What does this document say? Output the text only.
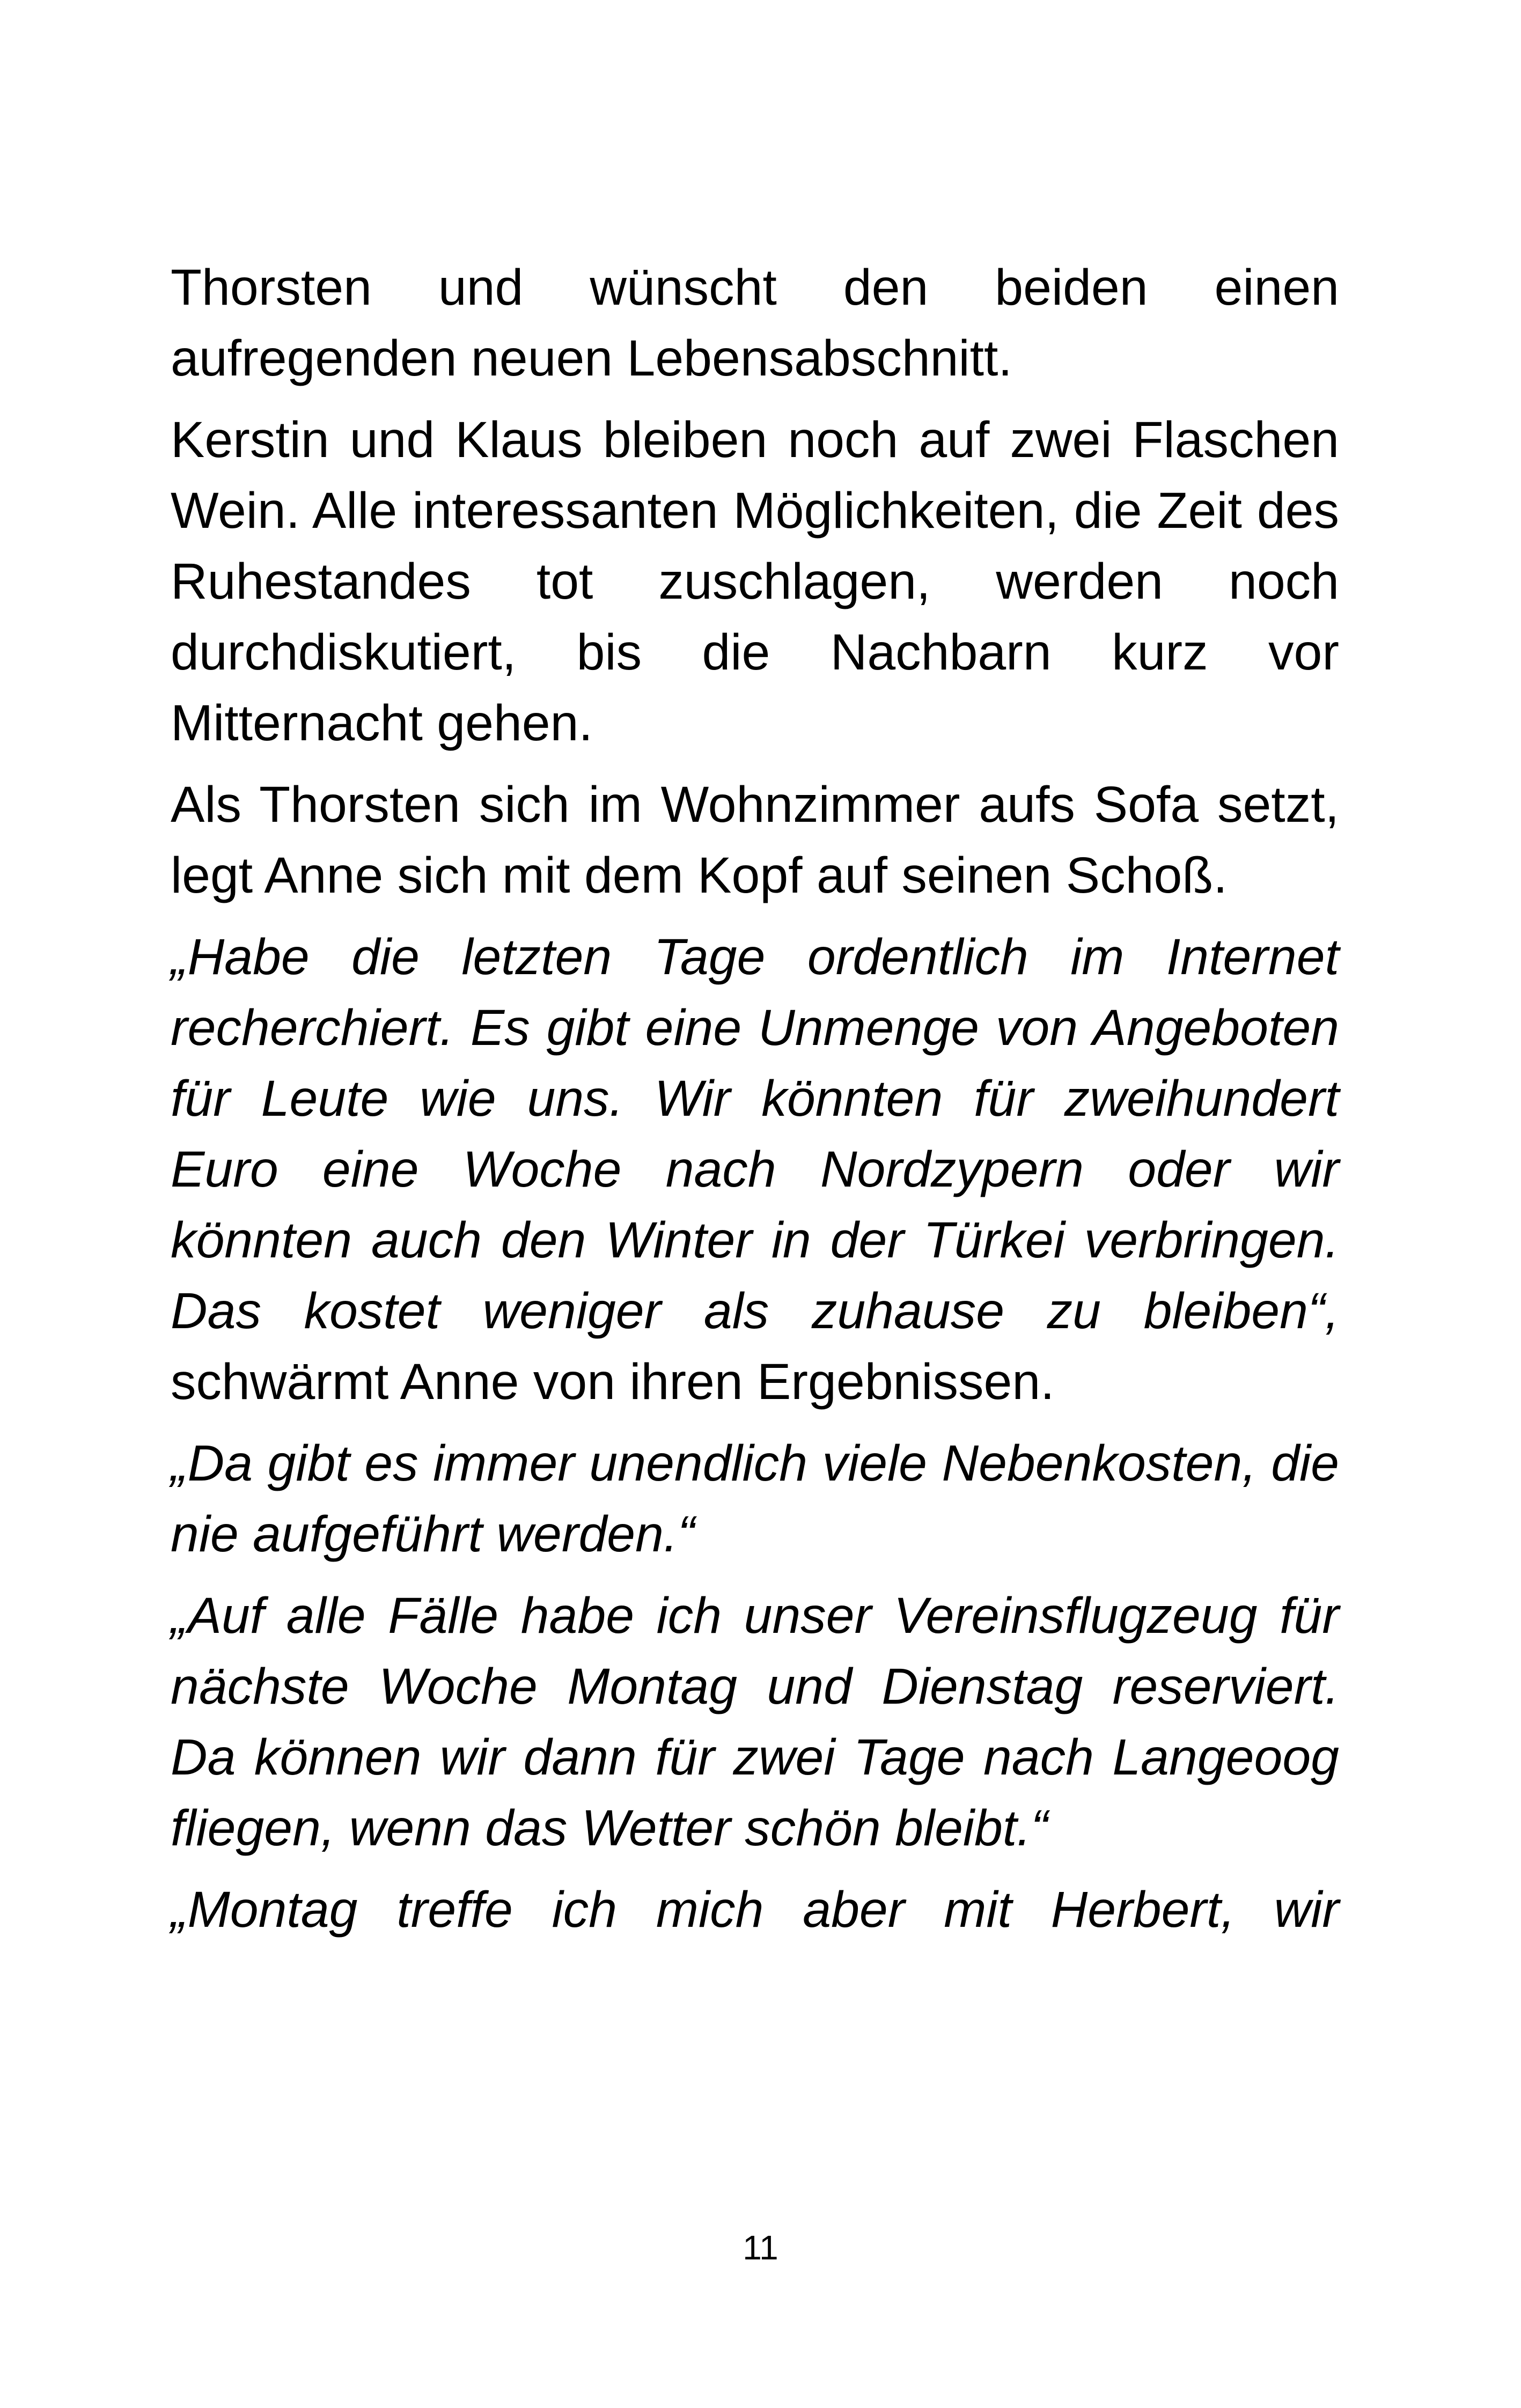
Thorsten und wünscht den beiden einen aufregenden neuen Lebensabschnitt.

Kerstin und Klaus bleiben noch auf zwei Flaschen Wein. Alle interessanten Möglichkeiten, die Zeit des Ruhestandes tot zuschlagen, werden noch durchdiskutiert, bis die Nachbarn kurz vor Mitternacht gehen.

Als Thorsten sich im Wohnzimmer aufs Sofa setzt, legt Anne sich mit dem Kopf auf seinen Schoß.

„Habe die letzten Tage ordentlich im Internet recherchiert. Es gibt eine Unmenge von Angeboten für Leute wie uns. Wir könnten für zweihundert Euro eine Woche nach Nordzypern oder wir könnten auch den Winter in der Türkei verbringen. Das kostet weniger als zuhause zu bleiben“, schwärmt Anne von ihren Ergebnissen.

„Da gibt es immer unendlich viele Nebenkosten, die nie aufgeführt werden.“

„Auf alle Fälle habe ich unser Vereinsflugzeug für nächste Woche Montag und Dienstag reserviert. Da können wir dann für zwei Tage nach Langeoog fliegen, wenn das Wetter schön bleibt.“

„Montag treffe ich mich aber mit Herbert, wir

11
